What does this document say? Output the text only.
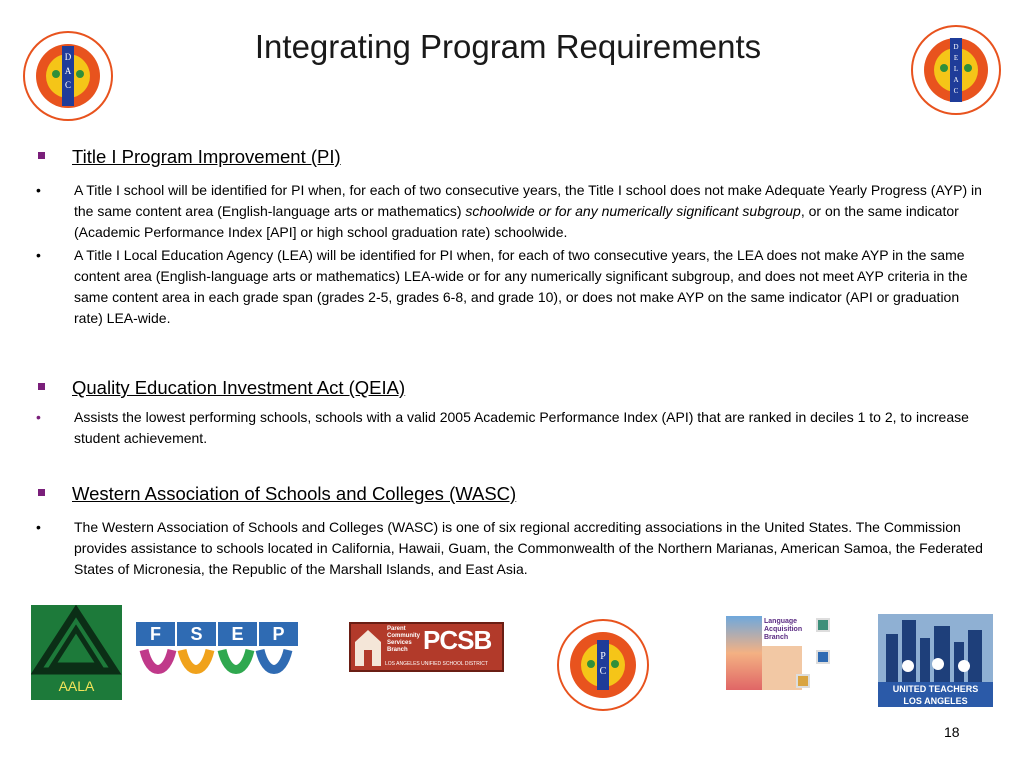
Integrating Program Requirements
D
A
C
D
E
L
A
C
Title I Program Improvement (PI)
•	A Title I school will be identified for PI when, for each of two consecutive years, the Title I school does not make Adequate Yearly Progress (AYP) in the same content area (English-language arts or mathematics) schoolwide or for any numerically significant subgroup, or on the same indicator (Academic Performance Index [API] or high school graduation rate) schoolwide.
•	A Title I Local Education Agency (LEA) will be identified for PI when, for each of two consecutive years, the LEA does not make AYP in the same content area (English-language arts or mathematics) LEA-wide or for any numerically significant subgroup, and does not meet AYP criteria in the same content area in each grade span (grades 2-5, grades 6-8, and grade 10), or does not make AYP on the same indicator (API or graduation rate) LEA-wide.
Quality Education Investment Act (QEIA)
•	Assists the lowest performing schools, schools with a valid 2005 Academic Performance Index (API) that are ranked in deciles 1 to 2, to increase student achievement.
Western Association of Schools and Colleges (WASC)
•	The Western Association of Schools and Colleges (WASC) is one of six regional accrediting associations in the United States. The Commission provides assistance to schools located in California, Hawaii, Guam, the Commonwealth of the Northern Marianas, American Samoa, the Federated States of Micronesia, the Republic of the Marshall Islands, and East Asia.
AALA
F	S	E	P	Parent
Community
Services
Branch PCSB
LOS ANGELES UNIFIED SCHOOL DISTRICT
P
C
Language
Acquisition
Branch
UNITED TEACHERS
LOS ANGELES
18
